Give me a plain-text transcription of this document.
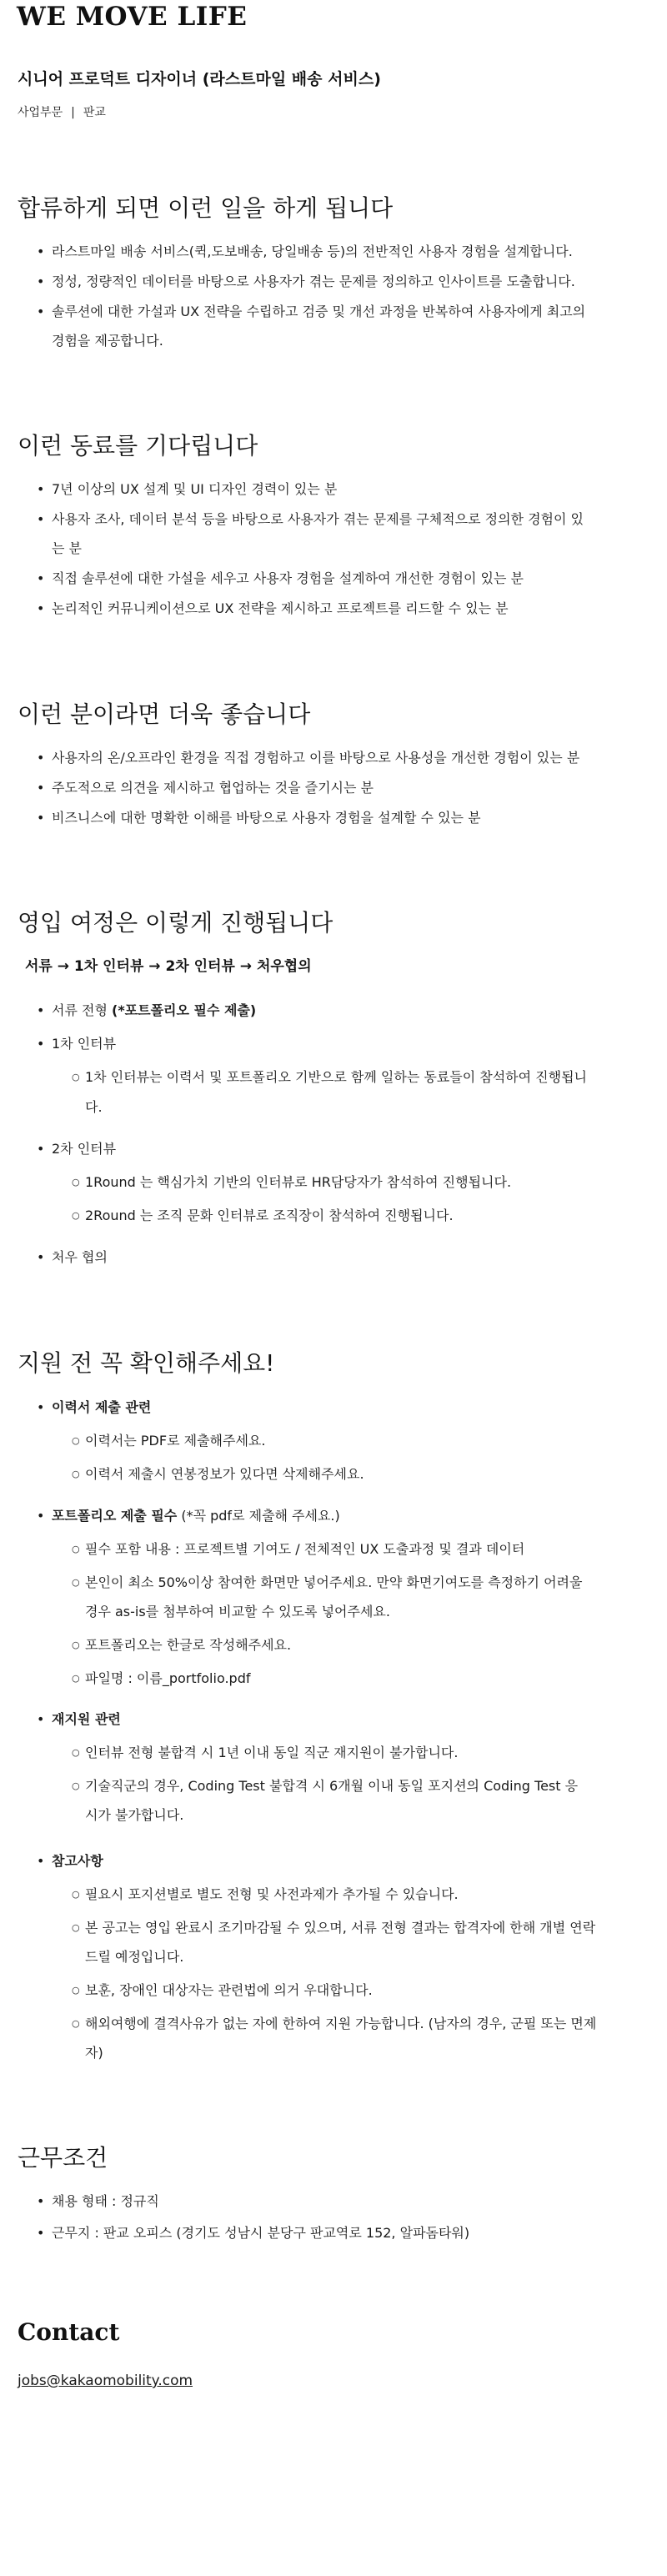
WE MOVE LIFE
시니어 프로덕트 디자이너 (라스트마일 배송 서비스)
사업부문 | 판교
합류하게 되면 이런 일을 하게 됩니다
• 라스트마일 배송 서비스(퀵,도보배송, 당일배송 등)의 전반적인 사용자 경험을 설계합니다.
• 정성, 정량적인 데이터를 바탕으로 사용자가 겪는 문제를 정의하고 인사이트를 도출합니다.
• 솔루션에 대한 가설과 UX 전략을 수립하고 검증 및 개선 과정을 반복하여 사용자에게 최고의
경험을 제공합니다.
이런 동료를 기다립니다
• 7년 이상의 UX 설계 및 UI 디자인 경력이 있는 분
• 사용자 조사, 데이터 분석 등을 바탕으로 사용자가 겪는 문제를 구체적으로 정의한 경험이 있
는 분
• 직접 솔루션에 대한 가설을 세우고 사용자 경험을 설계하여 개선한 경험이 있는 분
• 논리적인 커뮤니케이션으로 UX 전략을 제시하고 프로젝트를 리드할 수 있는 분
이런 분이라면 더욱 좋습니다
• 사용자의 온/오프라인 환경을 직접 경험하고 이를 바탕으로 사용성을 개선한 경험이 있는 분
• 주도적으로 의견을 제시하고 협업하는 것을 즐기시는 분
• 비즈니스에 대한 명확한 이해를 바탕으로 사용자 경험을 설계할 수 있는 분
영입 여정은 이렇게 진행됩니다
서류 → 1차 인터뷰 → 2차 인터뷰 → 처우협의
• 서류 전형 (*포트폴리오 필수 제출)
• 1차 인터뷰
○ 1차 인터뷰는 이력서 및 포트폴리오 기반으로 함께 일하는 동료들이 참석하여 진행됩니
다.
• 2차 인터뷰
○ 1Round 는 핵심가치 기반의 인터뷰로 HR담당자가 참석하여 진행됩니다.
○ 2Round 는 조직 문화 인터뷰로 조직장이 참석하여 진행됩니다.
• 처우 협의
지원 전 꼭 확인해주세요!
• 이력서 제출 관련
○ 이력서는 PDF로 제출해주세요.
○ 이력서 제출시 연봉정보가 있다면 삭제해주세요.
• 포트폴리오 제출 필수 (*꼭 pdf로 제출해 주세요.)
○ 필수 포함 내용 : 프로젝트별 기여도 / 전체적인 UX 도출과정 및 결과 데이터
○ 본인이 최소 50%이상 참여한 화면만 넣어주세요. 만약 화면기여도를 측정하기 어려울
경우 as-is를 첨부하여 비교할 수 있도록 넣어주세요.
○ 포트폴리오는 한글로 작성해주세요.
○ 파일명 : 이름_portfolio.pdf
• 재지원 관련
○ 인터뷰 전형 불합격 시 1년 이내 동일 직군 재지원이 불가합니다.
○ 기술직군의 경우, Coding Test 불합격 시 6개월 이내 동일 포지션의 Coding Test 응
시가 불가합니다.
• 참고사항
○ 필요시 포지션별로 별도 전형 및 사전과제가 추가될 수 있습니다.
○ 본 공고는 영입 완료시 조기마감될 수 있으며, 서류 전형 결과는 합격자에 한해 개별 연락
드릴 예정입니다.
○ 보훈, 장애인 대상자는 관련법에 의거 우대합니다.
○ 해외여행에 결격사유가 없는 자에 한하여 지원 가능합니다. (남자의 경우, 군필 또는 면제
자)
근무조건
• 채용 형태 : 정규직
• 근무지 : 판교 오피스 (경기도 성남시 분당구 판교역로 152, 알파돔타워)
Contact
jobs@kakaomobility.com
